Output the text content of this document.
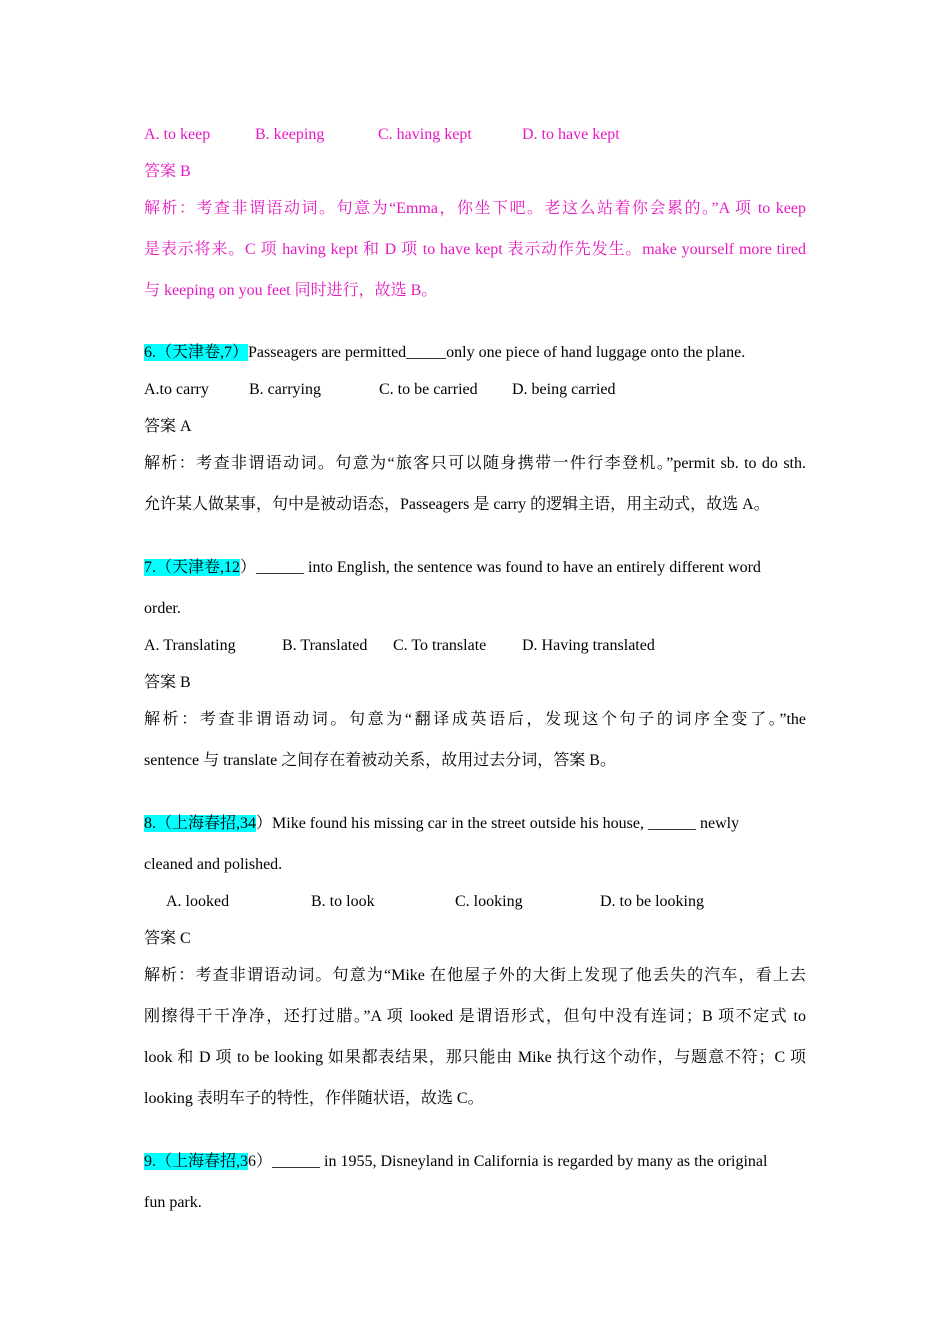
A. to keep	B. keeping	C. having kept	D. to have kept
答案 B
解析：考查非谓语动词。句意为“Emma，你坐下吧。老这么站着你会累的。”A 项 to keep
是表示将来。C 项 having kept 和 D 项 to have kept 表示动作先发生。make yourself more tired
与 keeping on you feet 同时进行，故选 B。
6.（天津卷,7）Passeagers are permitted_____only one piece of hand luggage onto the plane.
A.to carry	B. carrying	C. to be carried D. being carried
答案 A
解析：考查非谓语动词。句意为“旅客只可以随身携带一件行李登机。”permit sb. to do sth.
允许某人做某事，句中是被动语态，Passeagers 是 carry 的逻辑主语，用主动式，故选 A。
7.（天津卷,12）______ into English, the sentence was found to have an entirely different word
order.
A. Translating	B. Translated C. To translate D. Having translated
答案 B
解析：考查非谓语动词。句意为“翻译成英语后，发现这个句子的词序全变了。”the
sentence 与 translate 之间存在着被动关系，故用过去分词，答案 B。
8.（上海春招,34）Mike found his missing car in the street outside his house, ______ newly
cleaned and polished.
A. looked	B. to look	C. looking	D. to be looking
答案 C
解析：考查非谓语动词。句意为“Mike 在他屋子外的大街上发现了他丢失的汽车，看上去
刚擦得干干净净，还打过腊。”A 项 looked 是谓语形式，但句中没有连词；B 项不定式 to
look 和 D 项 to be looking 如果都表结果，那只能由 Mike 执行这个动作，与题意不符；C 项
looking 表明车子的特性，作伴随状语，故选 C。
9.（上海春招,36）______ in 1955, Disneyland in California is regarded by many as the original
fun park.
